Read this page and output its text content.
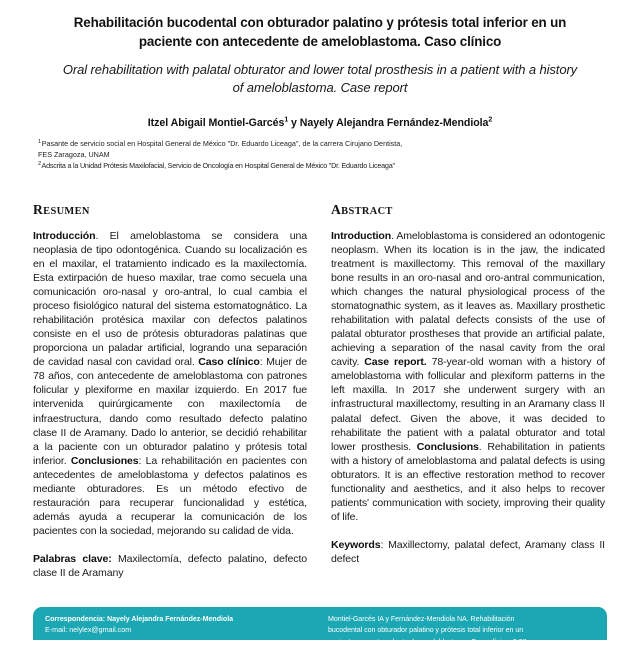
Rehabilitación bucodental con obturador palatino y prótesis total inferior en un paciente con antecedente de ameloblastoma. Caso clínico
Oral rehabilitation with palatal obturator and lower total prosthesis in a patient with a history of ameloblastoma. Case report
Itzel Abigail Montiel-Garcés$^1$ y Nayely Alejandra Fernández-Mendiola$^2$
$^1$Pasante de servicio social en Hospital General de México "Dr. Eduardo Liceaga", de la carrera Cirujano Dentista,
FES Zaragoza, UNAM
$^2$Adscrita a la Unidad Prótesis Maxilofacial, Servicio de Oncología en Hospital General de México "Dr. Eduardo Liceaga"
RESUMEN
Introducción. El ameloblastoma se considera una neoplasia de tipo odontogénica. Cuando su localización es en el maxilar, el tratamiento indicado es la maxilectomía. Esta extirpación de hueso maxilar, trae como secuela una comunicación oro-nasal y oro-antral, lo cual cambia el proceso fisiológico natural del sistema estomatognático. La rehabilitación protésica maxilar con defectos palatinos consiste en el uso de prótesis obturadoras palatinas que proporciona un paladar artificial, logrando una separación de cavidad nasal con cavidad oral. Caso clínico: Mujer de 78 años, con antecedente de ameloblastoma con patrones folicular y plexiforme en maxilar izquierdo. En 2017 fue intervenida quirúrgicamente con maxilectomía de infraestructura, dando como resultado defecto palatino clase II de Aramany. Dado lo anterior, se decidió rehabilitar a la paciente con un obturador palatino y prótesis total inferior. Conclusiones: La rehabilitación en pacientes con antecedentes de ameloblastoma y defectos palatinos es mediante obturadores. Es un método efectivo de restauración para recuperar funcionalidad y estética, además ayuda a recuperar la comunicación de los pacientes con la sociedad, mejorando su calidad de vida.
Palabras clave: Maxilectomía, defecto palatino, defecto clase II de Aramany
ABSTRACT
Introduction. Ameloblastoma is considered an odontogenic neoplasm. When its location is in the jaw, the indicated treatment is maxillectomy. This removal of the maxillary bone results in an oro-nasal and oro-antral communication, which changes the natural physiological process of the stomatognathic system, as it leaves as. Maxillary prosthetic rehabilitation with palatal defects consists of the use of palatal obturator prostheses that provide an artificial palate, achieving a separation of the nasal cavity from the oral cavity. Case report. 78-year-old woman with a history of ameloblastoma with follicular and plexiform patterns in the left maxilla. In 2017 she underwent surgery with an infrastructural maxillectomy, resulting in an Aramany class II palatal defect. Given the above, it was decided to rehabilitate the patient with a palatal obturator and total lower prosthesis. Conclusions. Rehabilitation in patients with a history of ameloblastoma and palatal defects is using obturators. It is an effective restoration method to recover functionality and aesthetics, and it also helps to recover patients' communication with society, improving their quality of life.
Keywords: Maxillectomy, palatal defect, Aramany class II defect
Correspondencia: Nayely Alejandra Fernández-Mendiola
E-mail: nelylex@gmail.com
Montiel-Garcés IA y Fernández-Mendiola NA. Rehabilitación
bucodental con obturador palatino y prótesis total inferior en un
paciente con antecedente de ameloblastoma. Caso clínico. 2;28:
